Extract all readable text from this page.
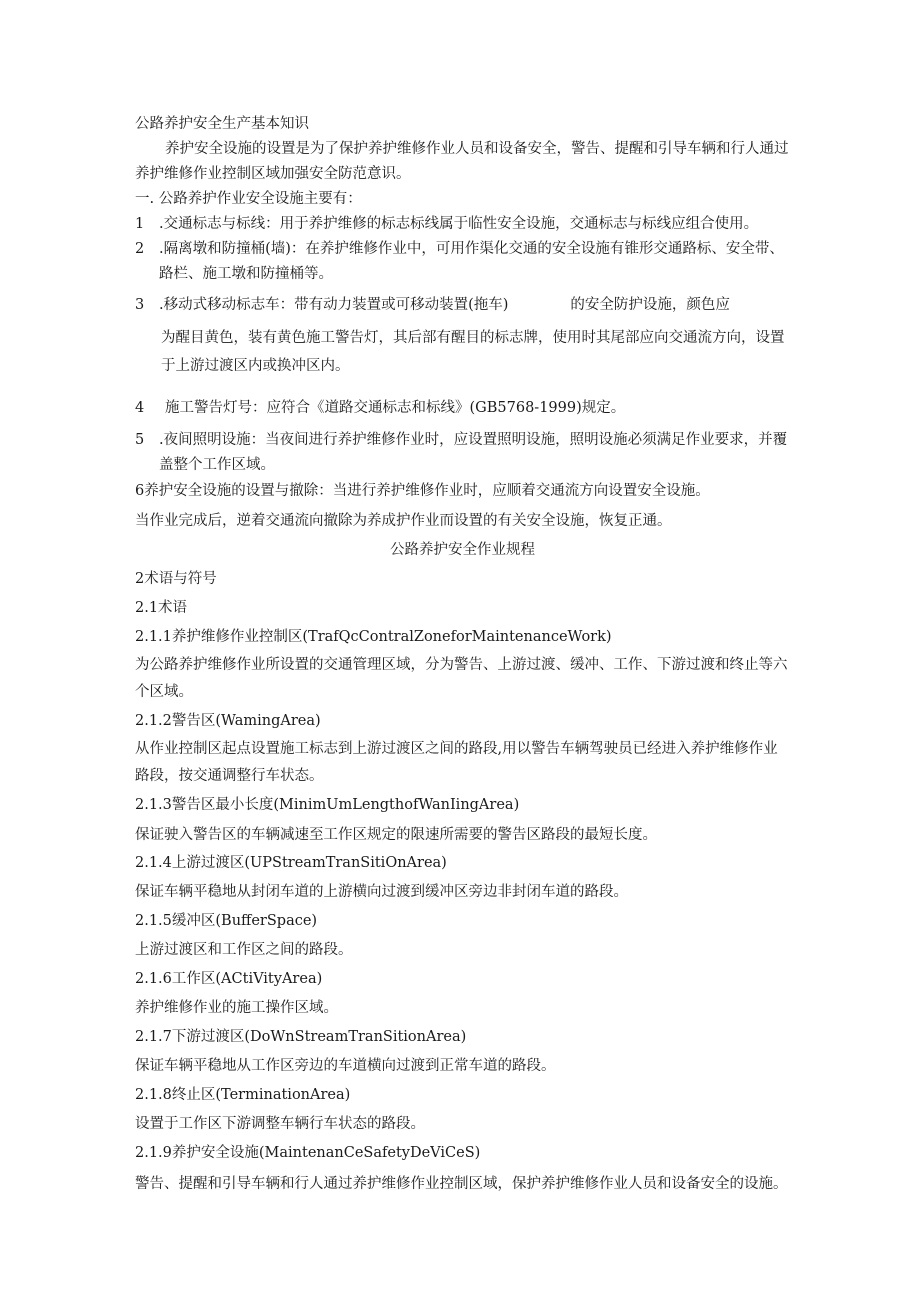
公路养护安全生产基本知识

养护安全设施的设置是为了保护养护维修作业人员和设备安全，警告、提醒和引导车辆和行人通过养护维修作业控制区域加强安全防范意识。

一. 公路养护作业安全设施主要有：

1 .交通标志与标线：用于养护维修的标志标线属于临性安全设施，交通标志与标线应组合使用。
2	.隔离墩和防撞桶(墙)：在养护维修作业中，可用作渠化交通的安全设施有锥形交通路标、安全带、路栏、施工墩和防撞桶等。
3 .移动式移动标志车：带有动力装置或可移动装置(拖车)	的安全防护设施，颜色应

为醒目黄色，装有黄色施工警告灯，其后部有醒目的标志牌，使用时其尾部应向交通流方向，设置于上游过渡区内或换冲区内。

4 施工警告灯号：应符合《道路交通标志和标线》(GB5768-1999)规定。
5	.夜间照明设施：当夜间进行养护维修作业时，应设置照明设施，照明设施必须满足作业要求，并覆盖整个工作区域。

6养护安全设施的设置与撤除：当进行养护维修作业时，应顺着交通流方向设置安全设施。

当作业完成后，逆着交通流向撤除为养成护作业而设置的有关安全设施，恢复正通。

公路养护安全作业规程

2术语与符号

2.1术语

2.1.1养护维修作业控制区(TrafQcContralZoneforMaintenanceWork)

为公路养护维修作业所设置的交通管理区域，分为警告、上游过渡、缓冲、工作、下游过渡和终止等六个区域。

2.1.2警告区(WamingArea)

从作业控制区起点设置施工标志到上游过渡区之间的路段,用以警告车辆驾驶员已经进入养护维修作业路段，按交通调整行车状态。

2.1.3警告区最小长度(MinimUmLengthofWanIingArea)

保证驶入警告区的车辆减速至工作区规定的限速所需要的警告区路段的最短长度。

2.1.4上游过渡区(UPStreamTranSitiOnArea)

保证车辆平稳地从封闭车道的上游横向过渡到缓冲区旁边非封闭车道的路段。

2.1.5缓冲区(BufferSpace)

上游过渡区和工作区之间的路段。

2.1.6工作区(ACtiVityArea)

养护维修作业的施工操作区域。

2.1.7下游过渡区(DoWnStreamTranSitionArea)

保证车辆平稳地从工作区旁边的车道横向过渡到正常车道的路段。

2.1.8终止区(TerminationArea)

设置于工作区下游调整车辆行车状态的路段。

2.1.9养护安全设施(MaintenanCeSafetyDeViCeS)

警告、提醒和引导车辆和行人通过养护维修作业控制区域，保护养护维修作业人员和设备安全的设施。
